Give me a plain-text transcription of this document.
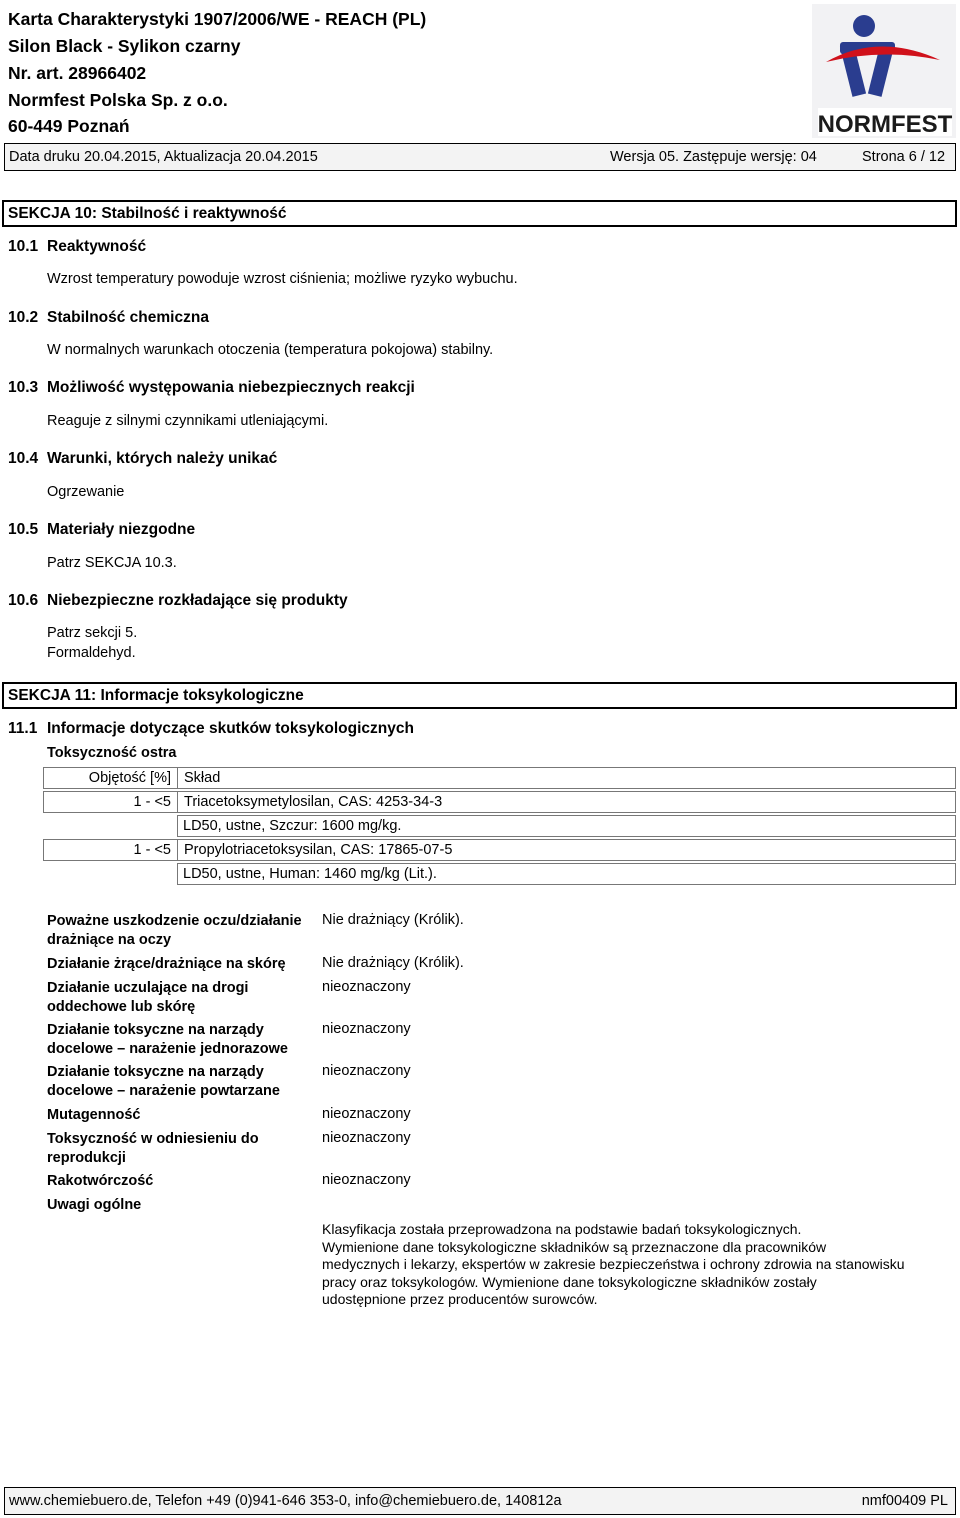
Karta Charakterystyki 1907/2006/WE - REACH (PL)
Silon Black - Sylikon czarny
Nr. art. 28966402
Normfest Polska Sp. z o.o.
60-449 Poznań	NORMFEST
Data druku 20.04.2015, Aktualizacja 20.04.2015	Wersja 05. Zastępuje wersję: 04	Strona 6 / 12
SEKCJA 10: Stabilność i reaktywność
10.1 Reaktywność
Wzrost temperatury powoduje wzrost ciśnienia; możliwe ryzyko wybuchu.
10.2 Stabilność chemiczna
W normalnych warunkach otoczenia (temperatura pokojowa) stabilny.
10.3 Możliwość występowania niebezpiecznych reakcji
Reaguje z silnymi czynnikami utleniającymi.
10.4 Warunki, których należy unikać
Ogrzewanie
10.5 Materiały niezgodne
Patrz SEKCJA 10.3.
10.6 Niebezpieczne rozkładające się produkty
Patrz sekcji 5.
Formaldehyd.
SEKCJA 11: Informacje toksykologiczne
11.1 Informacje dotyczące skutków toksykologicznych
Toksyczność ostra
Objętość [%] Skład
1 - <5 Triacetoksymetylosilan, CAS: 4253-34-3
LD50, ustne, Szczur: 1600 mg/kg.
1 - <5 Propylotriacetoksysilan, CAS: 17865-07-5
LD50, ustne, Human: 1460 mg/kg (Lit.).
Poważne uszkodzenie oczu/działanie drażniące na oczy
Nie drażniący (Królik).
Działanie żrące/drażniące na skórę	Nie drażniący (Królik).
Działanie uczulające na drogi oddechowe lub skórę
nieoznaczony
Działanie toksyczne na narządy docelowe – narażenie jednorazowe
nieoznaczony
Działanie toksyczne na narządy docelowe – narażenie powtarzane
nieoznaczony
Mutagenność	nieoznaczony
Toksyczność w odniesieniu do reprodukcji
nieoznaczony
Rakotwórczość	nieoznaczony
Uwagi ogólne
Klasyfikacja została przeprowadzona na podstawie badań toksykologicznych.
Wymienione dane toksykologiczne składników są przeznaczone dla pracowników
medycznych i lekarzy, ekspertów w zakresie bezpieczeństwa i ochrony zdrowia na stanowisku
pracy oraz toksykologów. Wymienione dane toksykologiczne składników zostały
udostępnione przez producentów surowców.
www.chemiebuero.de, Telefon +49 (0)941-646 353-0, info@chemiebuero.de, 140812a	nmf00409 PL
